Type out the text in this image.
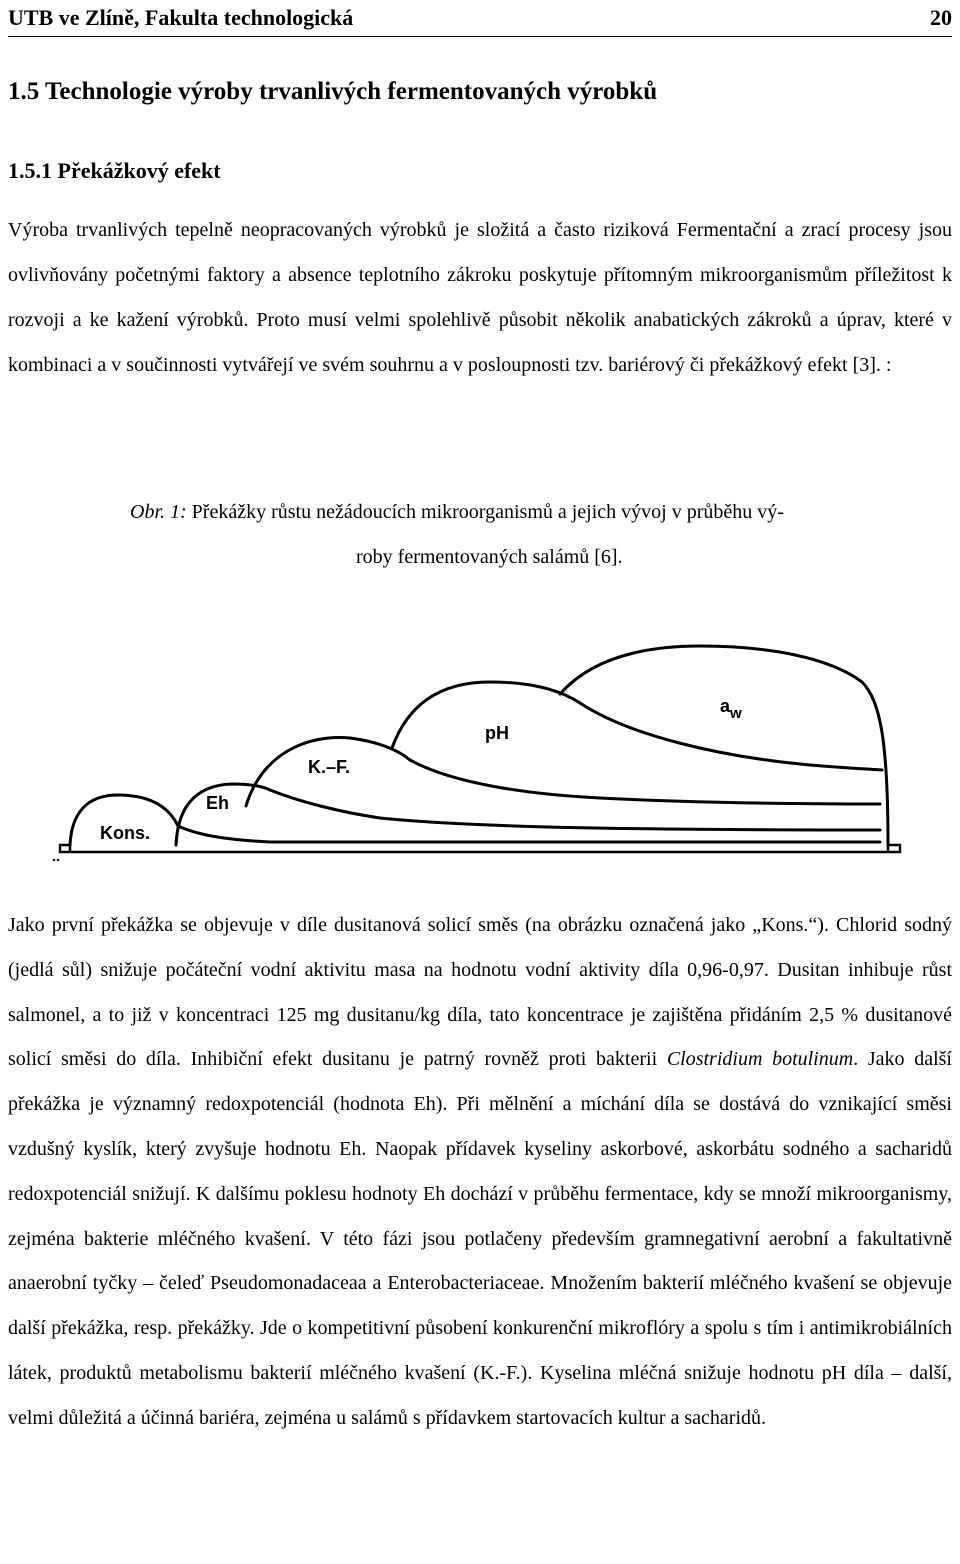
UTB ve Zlíně, Fakulta technologická	20
1.5 Technologie výroby trvanlivých fermentovaných výrobků
1.5.1 Překážkový efekt

Výroba trvanlivých tepelně neopracovaných výrobků je složitá a často riziková Fermentační a zrací procesy jsou ovlivňovány početnými faktory a absence teplotního zákroku poskytuje přítomným mikroorganismům příležitost k rozvoji a ke kažení výrobků. Proto musí velmi spolehlivě působit několik anabatických zákroků a úprav, které v kombinaci a v součinnosti vytvářejí ve svém souhrnu a v posloupnosti tzv. bariérový či překážkový efekt [3]. :

Obr. 1: Překážky růstu nežádoucích mikroorganismů a jejich vývoj v průběhu vý-
roby fermentovaných salámů [6].
Kons.
Eh
K.–F.
pH
$a_w$

Jako první překážka se objevuje v díle dusitanová solicí směs (na obrázku označená jako „Kons.“). Chlorid sodný (jedlá sůl) snižuje počáteční vodní aktivitu masa na hodnotu vodní aktivity díla 0,96-0,97. Dusitan inhibuje růst salmonel, a to již v koncentraci 125 mg dusitanu/kg díla, tato koncentrace je zajištěna přidáním 2,5 % dusitanové solicí směsi do díla. Inhibiční efekt dusitanu je patrný rovněž proti bakterii Clostridium botulinum. Jako další překážka je významný redoxpotenciál (hodnota Eh). Při mělnění a míchání díla se dostává do vznikající směsi vzdušný kyslík, který zvyšuje hodnotu Eh. Naopak přídavek kyseliny askorbové, askorbátu sodného a sacharidů redoxpotenciál snižují. K dalšímu poklesu hodnoty Eh dochází v průběhu fermentace, kdy se množí mikroorganismy, zejména bakterie mléčného kvašení. V této fázi jsou potlačeny především gramnegativní aerobní a fakultativně anaerobní tyčky – čeleď Pseudomonadaceaa a Enterobacteriaceae. Množením bakterií mléčného kvašení se objevuje další překážka, resp. překážky. Jde o kompetitivní působení konkurenční mikroflóry a spolu s tím i antimikrobiálních látek, produktů metabolismu bakterií mléčného kvašení (K.-F.). Kyselina mléčná snižuje hodnotu pH díla – další, velmi důležitá a účinná bariéra, zejména u salámů s přídavkem startovacích kultur a sacharidů.
